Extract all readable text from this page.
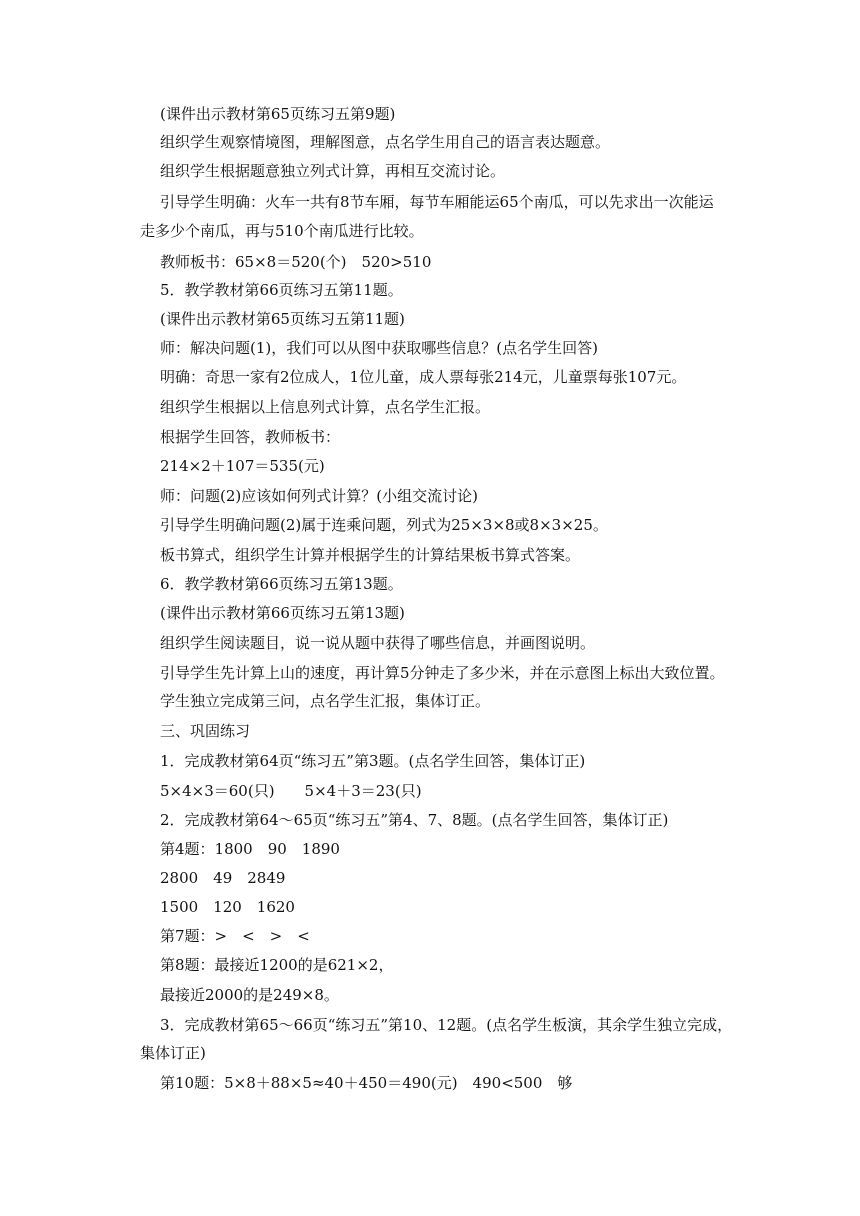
(课件出示教材第65页练习五第9题)
组织学生观察情境图，理解图意，点名学生用自己的语言表达题意。
组织学生根据题意独立列式计算，再相互交流讨论。
引导学生明确：火车一共有8节车厢，每节车厢能运65个南瓜，可以先求出一次能运
走多少个南瓜，再与510个南瓜进行比较。
教师板书：65×8＝520(个)　520>510
5．教学教材第66页练习五第11题。
(课件出示教材第65页练习五第11题)
师：解决问题(1)，我们可以从图中获取哪些信息？(点名学生回答)
明确：奇思一家有2位成人，1位儿童，成人票每张214元，儿童票每张107元。
组织学生根据以上信息列式计算，点名学生汇报。
根据学生回答，教师板书：
214×2＋107＝535(元)
师：问题(2)应该如何列式计算？(小组交流讨论)
引导学生明确问题(2)属于连乘问题，列式为25×3×8或8×3×25。
板书算式，组织学生计算并根据学生的计算结果板书算式答案。
6．教学教材第66页练习五第13题。
(课件出示教材第66页练习五第13题)
组织学生阅读题目，说一说从题中获得了哪些信息，并画图说明。
引导学生先计算上山的速度，再计算5分钟走了多少米，并在示意图上标出大致位置。
学生独立完成第三问，点名学生汇报，集体订正。
三、巩固练习
1．完成教材第64页“练习五”第3题。(点名学生回答，集体订正)
5×4×3＝60(只)　　5×4＋3＝23(只)
2．完成教材第64～65页“练习五”第4、7、8题。(点名学生回答，集体订正)
第4题：1800　90　1890
2800　49　2849
1500　120　1620
第7题：>　<　>　<
第8题：最接近1200的是621×2，
最接近2000的是249×8。
3．完成教材第65～66页“练习五”第10、12题。(点名学生板演，其余学生独立完成，
集体订正)
第10题：5×8＋88×5≈40＋450＝490(元)　490<500　够
